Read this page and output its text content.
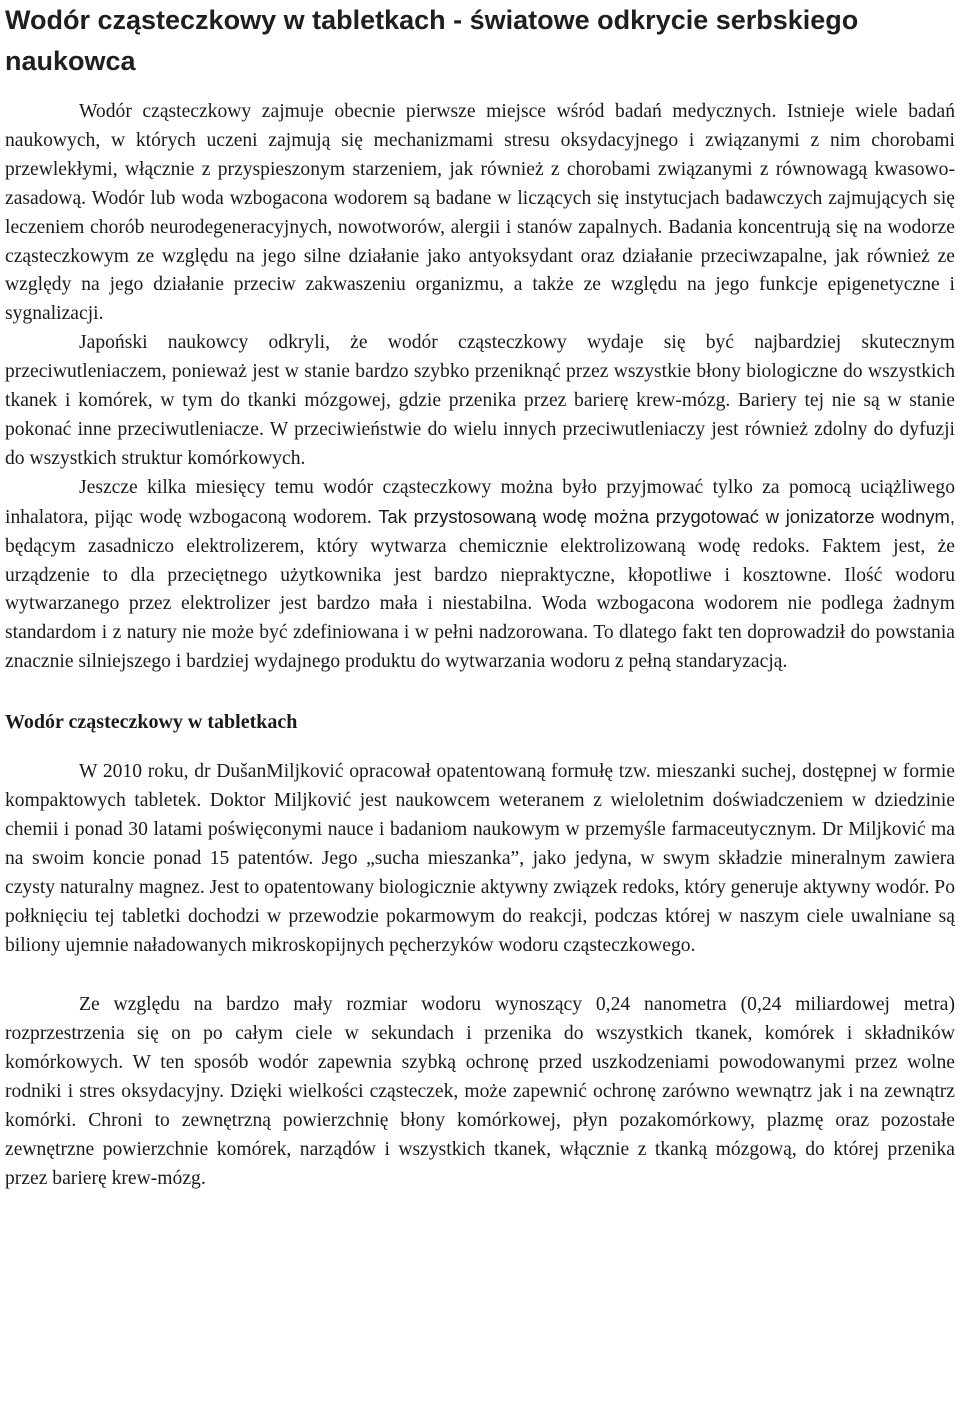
Wodór cząsteczkowy w tabletkach - światowe odkrycie serbskiego naukowca

Wodór cząsteczkowy zajmuje obecnie pierwsze miejsce wśród badań medycznych. Istnieje wiele badań naukowych, w których uczeni zajmują się mechanizmami stresu oksydacyjnego i związanymi z nim chorobami przewlekłymi, włącznie z przyspieszonym starzeniem, jak również z chorobami związanymi z równowagą kwasowo-zasadową. Wodór lub woda wzbogacona wodorem są badane w liczących się instytucjach badawczych zajmujących się leczeniem chorób neurodegeneracyjnych, nowotworów, alergii i stanów zapalnych. Badania koncentrują się na wodorze cząsteczkowym ze względu na jego silne działanie jako antyoksydant oraz działanie przeciwzapalne, jak również ze względy na jego działanie przeciw zakwaszeniu organizmu, a także ze względu na jego funkcje epigenetyczne i sygnalizacji.

Japoński naukowcy odkryli, że wodór cząsteczkowy wydaje się być najbardziej skutecznym przeciwutleniaczem, ponieważ jest w stanie bardzo szybko przeniknąć przez wszystkie błony biologiczne do wszystkich tkanek i komórek, w tym do tkanki mózgowej, gdzie przenika przez barierę krew-mózg. Bariery tej nie są w stanie pokonać inne przeciwutleniacze. W przeciwieństwie do wielu innych przeciwutleniaczy jest również zdolny do dyfuzji do wszystkich struktur komórkowych.

Jeszcze kilka miesięcy temu wodór cząsteczkowy można było przyjmować tylko za pomocą uciążliwego inhalatora, pijąc wodę wzbogaconą wodorem. Tak przystosowaną wodę można przygotować w jonizatorze wodnym, będącym zasadniczo elektrolizerem, który wytwarza chemicznie elektrolizowaną wodę redoks. Faktem jest, że urządzenie to dla przeciętnego użytkownika jest bardzo niepraktyczne, kłopotliwe i kosztowne. Ilość wodoru wytwarzanego przez elektrolizer jest bardzo mała i niestabilna. Woda wzbogacona wodorem nie podlega żadnym standardom i z natury nie może być zdefiniowana i w pełni nadzorowana. To dlatego fakt ten doprowadził do powstania znacznie silniejszego i bardziej wydajnego produktu do wytwarzania wodoru z pełną standaryzacją.

Wodór cząsteczkowy w tabletkach

W 2010 roku, dr DušanMiljković opracował opatentowaną formułę tzw. mieszanki suchej, dostępnej w formie kompaktowych tabletek. Doktor Miljković jest naukowcem weteranem z wieloletnim doświadczeniem w dziedzinie chemii i ponad 30 latami poświęconymi nauce i badaniom naukowym w przemyśle farmaceutycznym. Dr Miljković ma na swoim koncie ponad 15 patentów. Jego „sucha mieszanka”, jako jedyna, w swym składzie mineralnym zawiera czysty naturalny magnez. Jest to opatentowany biologicznie aktywny związek redoks, który generuje aktywny wodór. Po połknięciu tej tabletki dochodzi w przewodzie pokarmowym do reakcji, podczas której w naszym ciele uwalniane są biliony ujemnie naładowanych mikroskopijnych pęcherzyków wodoru cząsteczkowego.

Ze względu na bardzo mały rozmiar wodoru wynoszący 0,24 nanometra (0,24 miliardowej metra) rozprzestrzenia się on po całym ciele w sekundach i przenika do wszystkich tkanek, komórek i składników komórkowych. W ten sposób wodór zapewnia szybką ochronę przed uszkodzeniami powodowanymi przez wolne rodniki i stres oksydacyjny. Dzięki wielkości cząsteczek, może zapewnić ochronę zarówno wewnątrz jak i na zewnątrz komórki. Chroni to zewnętrzną powierzchnię błony komórkowej, płyn pozakomórkowy, plazmę oraz pozostałe zewnętrzne powierzchnie komórek, narządów i wszystkich tkanek, włącznie z tkanką mózgową, do której przenika przez barierę krew-mózg.
